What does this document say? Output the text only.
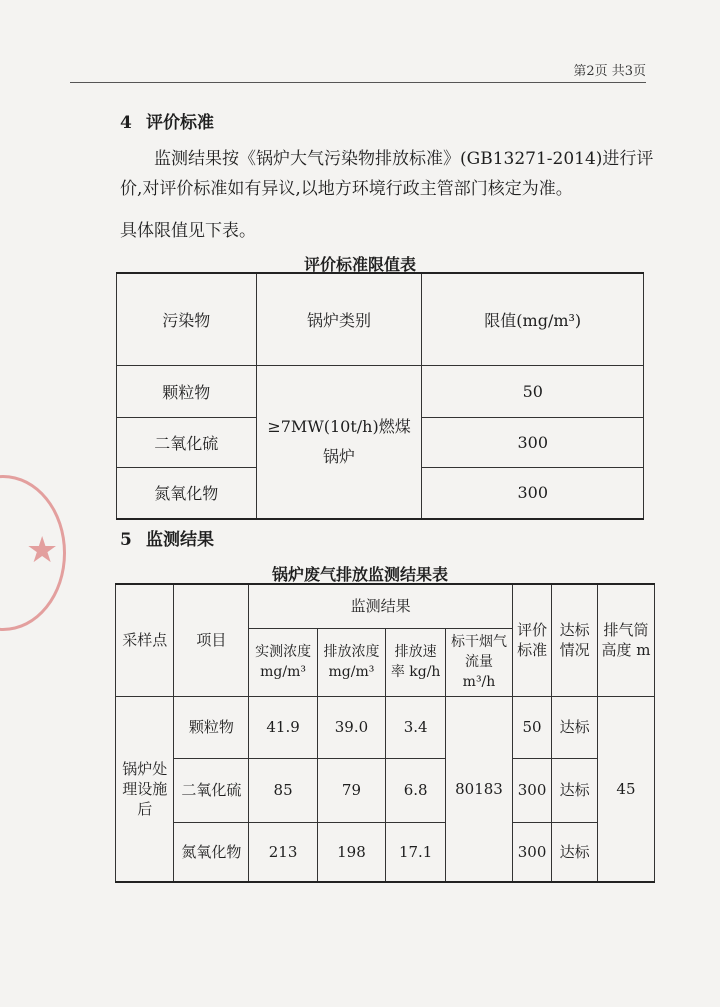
★
第2页 共3页
4 评价标准
监测结果按《锅炉大气污染物排放标准》(GB13271-2014)进行评价,对评价标准如有异议,以地方环境行政主管部门核定为准。
具体限值见下表。
评价标准限值表
污染物	锅炉类别	限值(mg/m³)
颗粒物	≥7MW(10t/h)燃煤锅炉	50
二氧化硫		300
氮氧化物		300
5 监测结果
锅炉废气排放监测结果表
采样点	项目	监测结果				评价标准	达标情况	排气筒高度 m
		实测浓度 mg/m³	排放浓度 mg/m³	排放速率 kg/h	标干烟气流量 m³/h			
锅炉处理设施后	颗粒物	41.9	39.0	3.4	80183	50	达标	45
	二氧化硫	85	79	6.8		300	达标	
	氮氧化物	213	198	17.1		300	达标	
